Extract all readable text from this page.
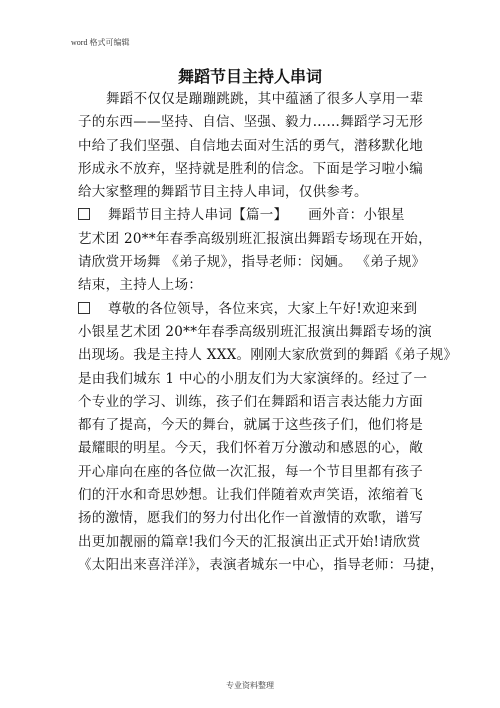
word 格式可编辑
舞蹈节目主持人串词
舞蹈不仅仅是蹦蹦跳跳，其中蕴涵了很多人享用一辈
子的东西——坚持、自信、坚强、毅力……舞蹈学习无形
中给了我们坚强、自信地去面对生活的勇气，潜移默化地
形成永不放弃，坚持就是胜利的信念。下面是学习啦小编
给大家整理的舞蹈节目主持人串词，仅供参考。
舞蹈节目主持人串词【篇一】　　画外音：小银星
艺术团 20**年春季高级别班汇报演出舞蹈专场现在开始，
请欣赏开场舞 《弟子规》，指导老师：闵婳。 《弟子规》
结束，主持人上场：
尊敬的各位领导，各位来宾，大家上午好!欢迎来到
小银星艺术团 20**年春季高级别班汇报演出舞蹈专场的演
出现场。我是主持人 XXX。刚刚大家欣赏到的舞蹈《弟子规》
是由我们城东 1 中心的小朋友们为大家演绎的。经过了一
个专业的学习、训练，孩子们在舞蹈和语言表达能力方面
都有了提高，今天的舞台，就属于这些孩子们，他们将是
最耀眼的明星。今天，我们怀着万分激动和感恩的心，敞
开心扉向在座的各位做一次汇报，每一个节目里都有孩子
们的汗水和奇思妙想。让我们伴随着欢声笑语，浓缩着飞
扬的激情，愿我们的努力付出化作一首激情的欢歌，谱写
出更加靓丽的篇章!我们今天的汇报演出正式开始!请欣赏
《太阳出来喜洋洋》，表演者城东一中心，指导老师：马捷，
专业资料整理
